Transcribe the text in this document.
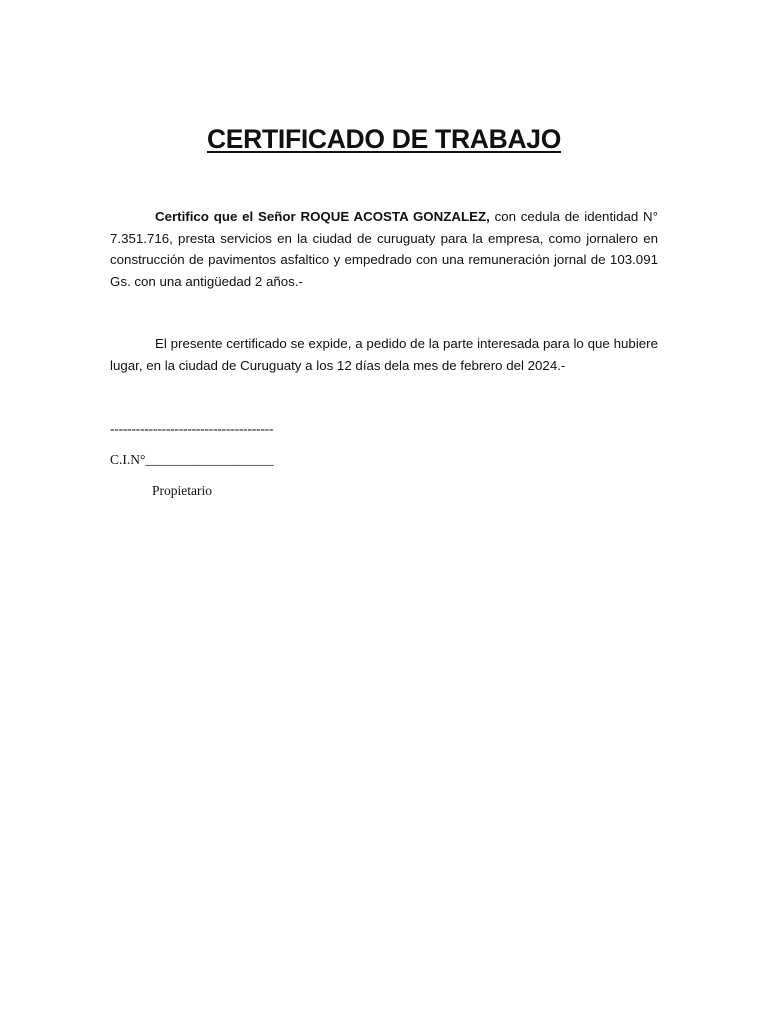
CERTIFICADO DE TRABAJO

Certifico que el Señor ROQUE ACOSTA GONZALEZ, con cedula de identidad N° 7.351.716, presta servicios en la ciudad de curuguaty para la empresa, como jornalero en construcción de pavimentos asfaltico y empedrado con una remuneración jornal de 103.091 Gs. con una antigüedad 2 años.-

El presente certificado se expide, a pedido de la parte interesada para lo que hubiere lugar, en la ciudad de Curuguaty a los 12 días dela mes de febrero del 2024.-

--------------------------------------
C.I.N°___________________
Propietario
